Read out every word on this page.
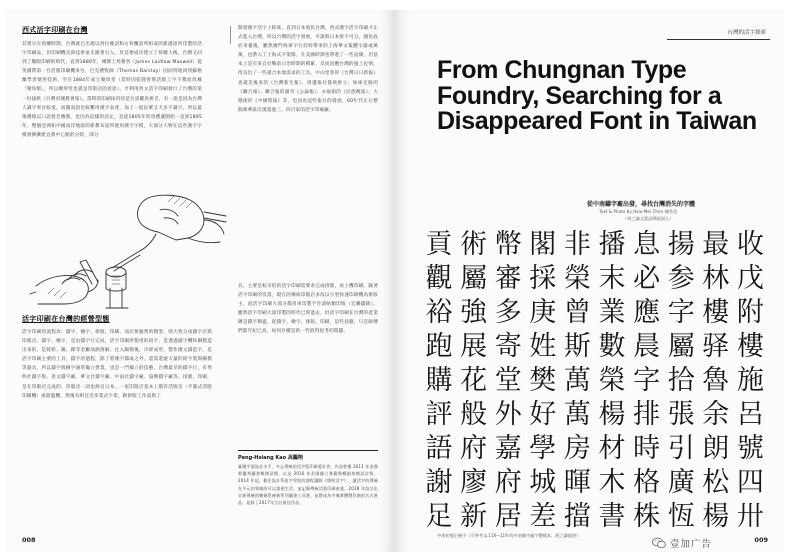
西式活字印刷在台灣
其實早在荷蘭時期，台灣就已出現以西拉雅語和古荷蘭語所組成的新港語所印製的活字印刷品，但印刷機具與技術並未跟著引入，於是要成功建立了荷蘭人後，台灣又回到了雕版印刷的時代。直到1880年，傳教士馬雅各（James Laidlaw Maxwell）從英國帶第一台活版印刷機來台，巴克禮牧師（Thomas Barclay）因而特地回到蘇格蘭學習使用技術，至在1884年成立聚珍堂（當時因乾隆曾將活版工字不雅而改稱「聚珍版」，所以聚珍堂也就是印版店的意思），才利用西文活字印刷發行了台灣的第一份報紙《台灣府城教會報》。當時的印刷採用的是台語羅馬拼音，有一說是因為台灣人識字率比較低，而閩南語比較難用漢字表達，加上一般民眾又大多不識字，所以最後選擇以口語發音傳教，也因為這樣的決定，直從1805年的馬禮遜開始一直到1895年，整個亞洲和中國南洋地區的新教布道所使用漢字字模，大部分人物在這些漢字字模發揮擴建宜會中心點的分陸，部分
活字印刷在台灣的經營型態
活字印刷的流程為：鑄字、檢字、排版、印刷、而店領銀營的類型，則大致分成鑄字店與印版店。鑄字、檢字，是由鑄字行完成，活字印刷所使用的鉛字，是透過鑄字機和銅模造出來的，是將鉛、錫、銻等金屬加熱溶解，注入銅模後，冷卻成形。製作漢文鑄造字，是活字印刷主要的工具，鑄字的過程，除了將漢字鑄成之外，還需還旋大量的鉛字架與銅模等器具，所以鑄字與檢字通常獨立營業，也是一門獨立的技藝。台灣最早的鑄字行，有秀明社鑄字股、普文鑄字廠、華文社鑄字廠、中南社鑄字廠、協勝鑄字廠等。排版、印刷，是在印版店完成的。印版店一詞也源自日本，一家印版店基本上都有活版室（平臺式活版印刷機）或鉛盤機，然後有組任近多業式字架，跟拼版工作桌與工
開發漢字活字上缺席。直到日本殖民台灣，西式漢字活字印刷才正式進入台灣，所以台灣的活字發展，可說與日本密不可分。國民政府來臺後，雖然廣門海軍字行於時帶來的上海華文報體字器或萬萬，也帶入了上海式字架隊，在美國時期也帶進了一些設備，但基本上是有來自於戰前日治時期的積累，反而因應台灣的風土民情，改良出了一些適合本地需求的工具。中山堂春的《台灣日日新報》也就是後來的《台灣新生報》，周邊報社都被併立；如庫定路的《聯合報》、聯合報的副刊《公論報》、永福街的《民族晚報》、大德街的《中國時報》等，也因為這些報社的發展，60年代左右整個萬華區出現超過三、四百家的活字印刷廠。
具，主要是較早的的活字印刷需要求完成排版，再上機印刷。隨著活字印刷的沒落，現在的傳統印版店多改以小型快速印刷機為排版主，而活字印刷大部分都用來印製手作請帖類印版（宏聯鑄錶）。雖然活字印刷大量印製的時代已經過去，但活字印刷在台灣的產業鏈是鑄字興盛，從鑄字、檢字、排版、印刷，這些技藝，只是師傅們都年紀已高，如何存續是新一代值得思考的問題。
Peng-Hsiang Kao 高鵬翔
臺灣平面設計水手，多元傳統的活字版印刷愛好者，作品曾獲 2011 年金鼎獎優秀圖書類創意類，以及 2016 年美國獨立書籍獎暢銷效類設計獎，2014 年起，擔任設計系鉛字學院的課程講師《開明活字》，讓活字的傳統在多元的領域的可以重產生活，並記錄傳統活版印刷產業，2018 年設計出全新傳統的數碼系統新系列圖書工具書，並將成為字典實體製作新的名式產品，是除了2017年合計最佳作品。
008
台灣的活字探索
From Chungnan Type Foundry, Searching for a Disappeared Font in Taiwan
從中南鑄字廠出發，尋找台灣消失的字體
Text & Photo by Hsiu-Mei Chen 陳秀美
（柯之謙文版品牌副詞人）
收
戊
附
樓
施
呂
號
四
卅
最
林
樓
驿
魯
余
朗
松
楊
揚
参
字
屬
拾
張
引
廣
恆
息
必
應
晨
字
排
時
格
株
播
末
業
數
榮
楊
材
木
書
非
榮
曾
斯
萬
萬
房
暉
擋
閣
採
庚
姓
樊
好
學
城
差
幣
審
多
寄
堂
外
嘉
府
居
術
屬
強
展
花
般
府
廖
新
貢
觀
裕
跑
購
評
語
謝
足
中南初號正楷字（可參考 p.116~119 的中南鑄字廠字體樣本，阿之謙提供）
壹加广告	009
